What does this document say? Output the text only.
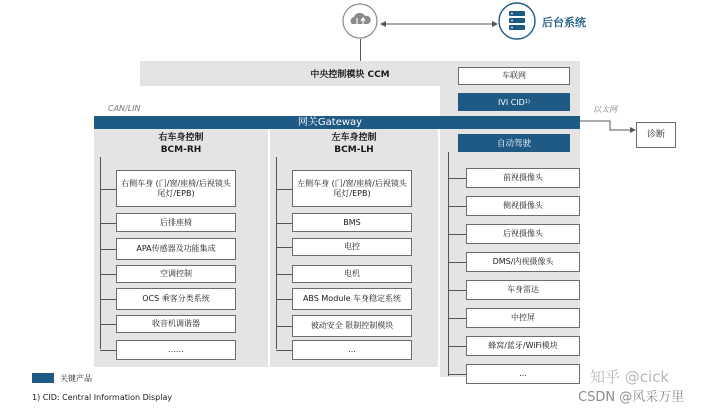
后台系统
中央控制模块 CCM	车联网
IVI CID 1)
网关Gateway
CAN/LIN	以太网
自动驾驶
诊断
右车身控制
BCM-RH
右侧车身 (门/窗/座椅/后视镜头尾灯/EPB)
后排座椅
APA传感器及功能集成
空调控制
OCS 乘客分类系统
收音机调谐器
......
左车身控制
BCM-LH
左侧车身 (门/窗/座椅/后视镜头尾灯/EPB)
BMS
电控
电机
ABS Module 车身稳定系统
被动安全 限制控制模块
...
前视摄像头
侧视摄像头
后视摄像头
DMS/内视摄像头
车身雷达
中控屏
蜂窝/蓝牙/WiFi模块
...
关键产品
1) CID: Central Information Display
知乎 @cick
CSDN @风采万里
